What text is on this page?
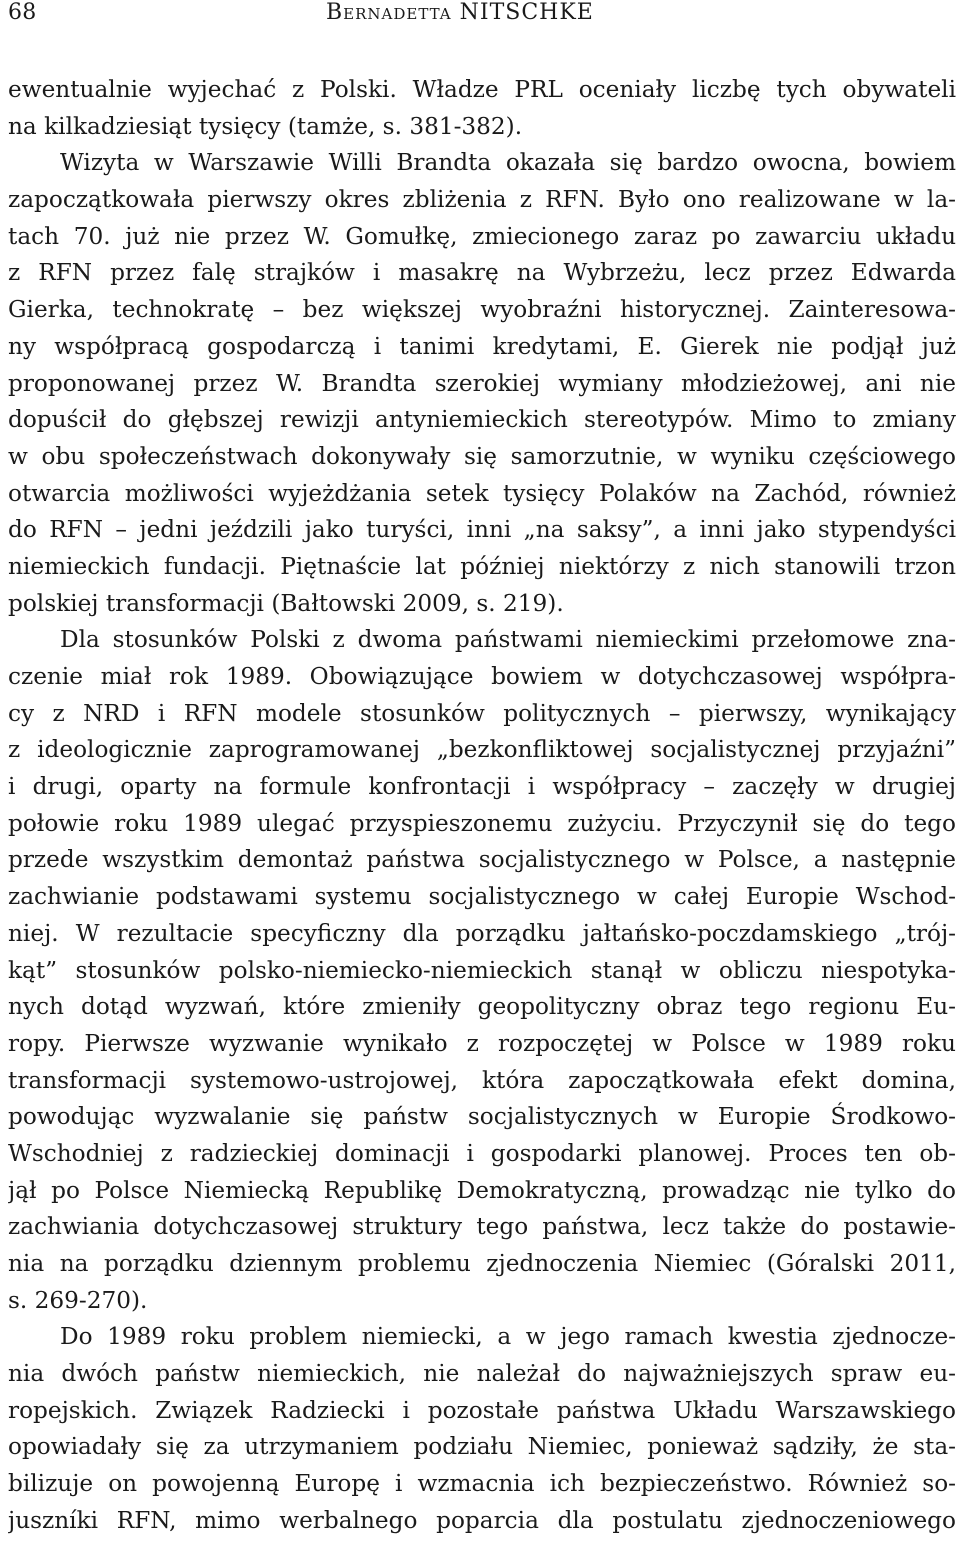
68	Bernadetta NITSCHKE
ewentualnie wyjechać z Polski. Władze PRL oceniały liczbę tych obywateli
na kilkadziesiąt tysięcy (tamże, s. 381-382).
Wizyta w Warszawie Willi Brandta okazała się bardzo owocna, bowiem
zapoczątkowała pierwszy okres zbliżenia z RFN. Było ono realizowane w la-
tach 70. już nie przez W. Gomułkę, zmiecionego zaraz po zawarciu układu
z RFN przez falę strajków i masakrę na Wybrzeżu, lecz przez Edwarda
Gierka, technokratę – bez większej wyobraźni historycznej. Zainteresowa-
ny współpracą gospodarczą i tanimi kredytami, E. Gierek nie podjął już
proponowanej przez W. Brandta szerokiej wymiany młodzieżowej, ani nie
dopuścił do głębszej rewizji antyniemieckich stereotypów. Mimo to zmiany
w obu społeczeństwach dokonywały się samorzutnie, w wyniku częściowego
otwarcia możliwości wyjeżdżania setek tysięcy Polaków na Zachód, również
do RFN – jedni jeździli jako turyści, inni „na saksy”, a inni jako stypendyści
niemieckich fundacji. Piętnaście lat później niektórzy z nich stanowili trzon
polskiej transformacji (Bałtowski 2009, s. 219).
Dla stosunków Polski z dwoma państwami niemieckimi przełomowe zna-
czenie miał rok 1989. Obowiązujące bowiem w dotychczasowej współpra-
cy z NRD i RFN modele stosunków politycznych – pierwszy, wynikający
z ideologicznie zaprogramowanej „bezkonfliktowej socjalistycznej przyjaźni”
i drugi, oparty na formule konfrontacji i współpracy – zaczęły w drugiej
połowie roku 1989 ulegać przyspieszonemu zużyciu. Przyczynił się do tego
przede wszystkim demontaż państwa socjalistycznego w Polsce, a następnie
zachwianie podstawami systemu socjalistycznego w całej Europie Wschod-
niej. W rezultacie specyficzny dla porządku jałtańsko-poczdamskiego „trój-
kąt” stosunków polsko-niemiecko-niemieckich stanął w obliczu niespotyka-
nych dotąd wyzwań, które zmieniły geopolityczny obraz tego regionu Eu-
ropy. Pierwsze wyzwanie wynikało z rozpoczętej w Polsce w 1989 roku
transformacji systemowo-ustrojowej, która zapoczątkowała efekt domina,
powodując wyzwalanie się państw socjalistycznych w Europie Środkowo-
Wschodniej z radzieckiej dominacji i gospodarki planowej. Proces ten ob-
jął po Polsce Niemiecką Republikę Demokratyczną, prowadząc nie tylko do
zachwiania dotychczasowej struktury tego państwa, lecz także do postawie-
nia na porządku dziennym problemu zjednoczenia Niemiec (Góralski 2011,
s. 269-270).
Do 1989 roku problem niemiecki, a w jego ramach kwestia zjednocze-
nia dwóch państw niemieckich, nie należał do najważniejszych spraw eu-
ropejskich. Związek Radziecki i pozostałe państwa Układu Warszawskiego
opowiadały się za utrzymaniem podziału Niemiec, ponieważ sądziły, że sta-
bilizuje on powojenną Europę i wzmacnia ich bezpieczeństwo. Również so-
juszníki RFN, mimo werbalnego poparcia dla postulatu zjednoczeniowego
